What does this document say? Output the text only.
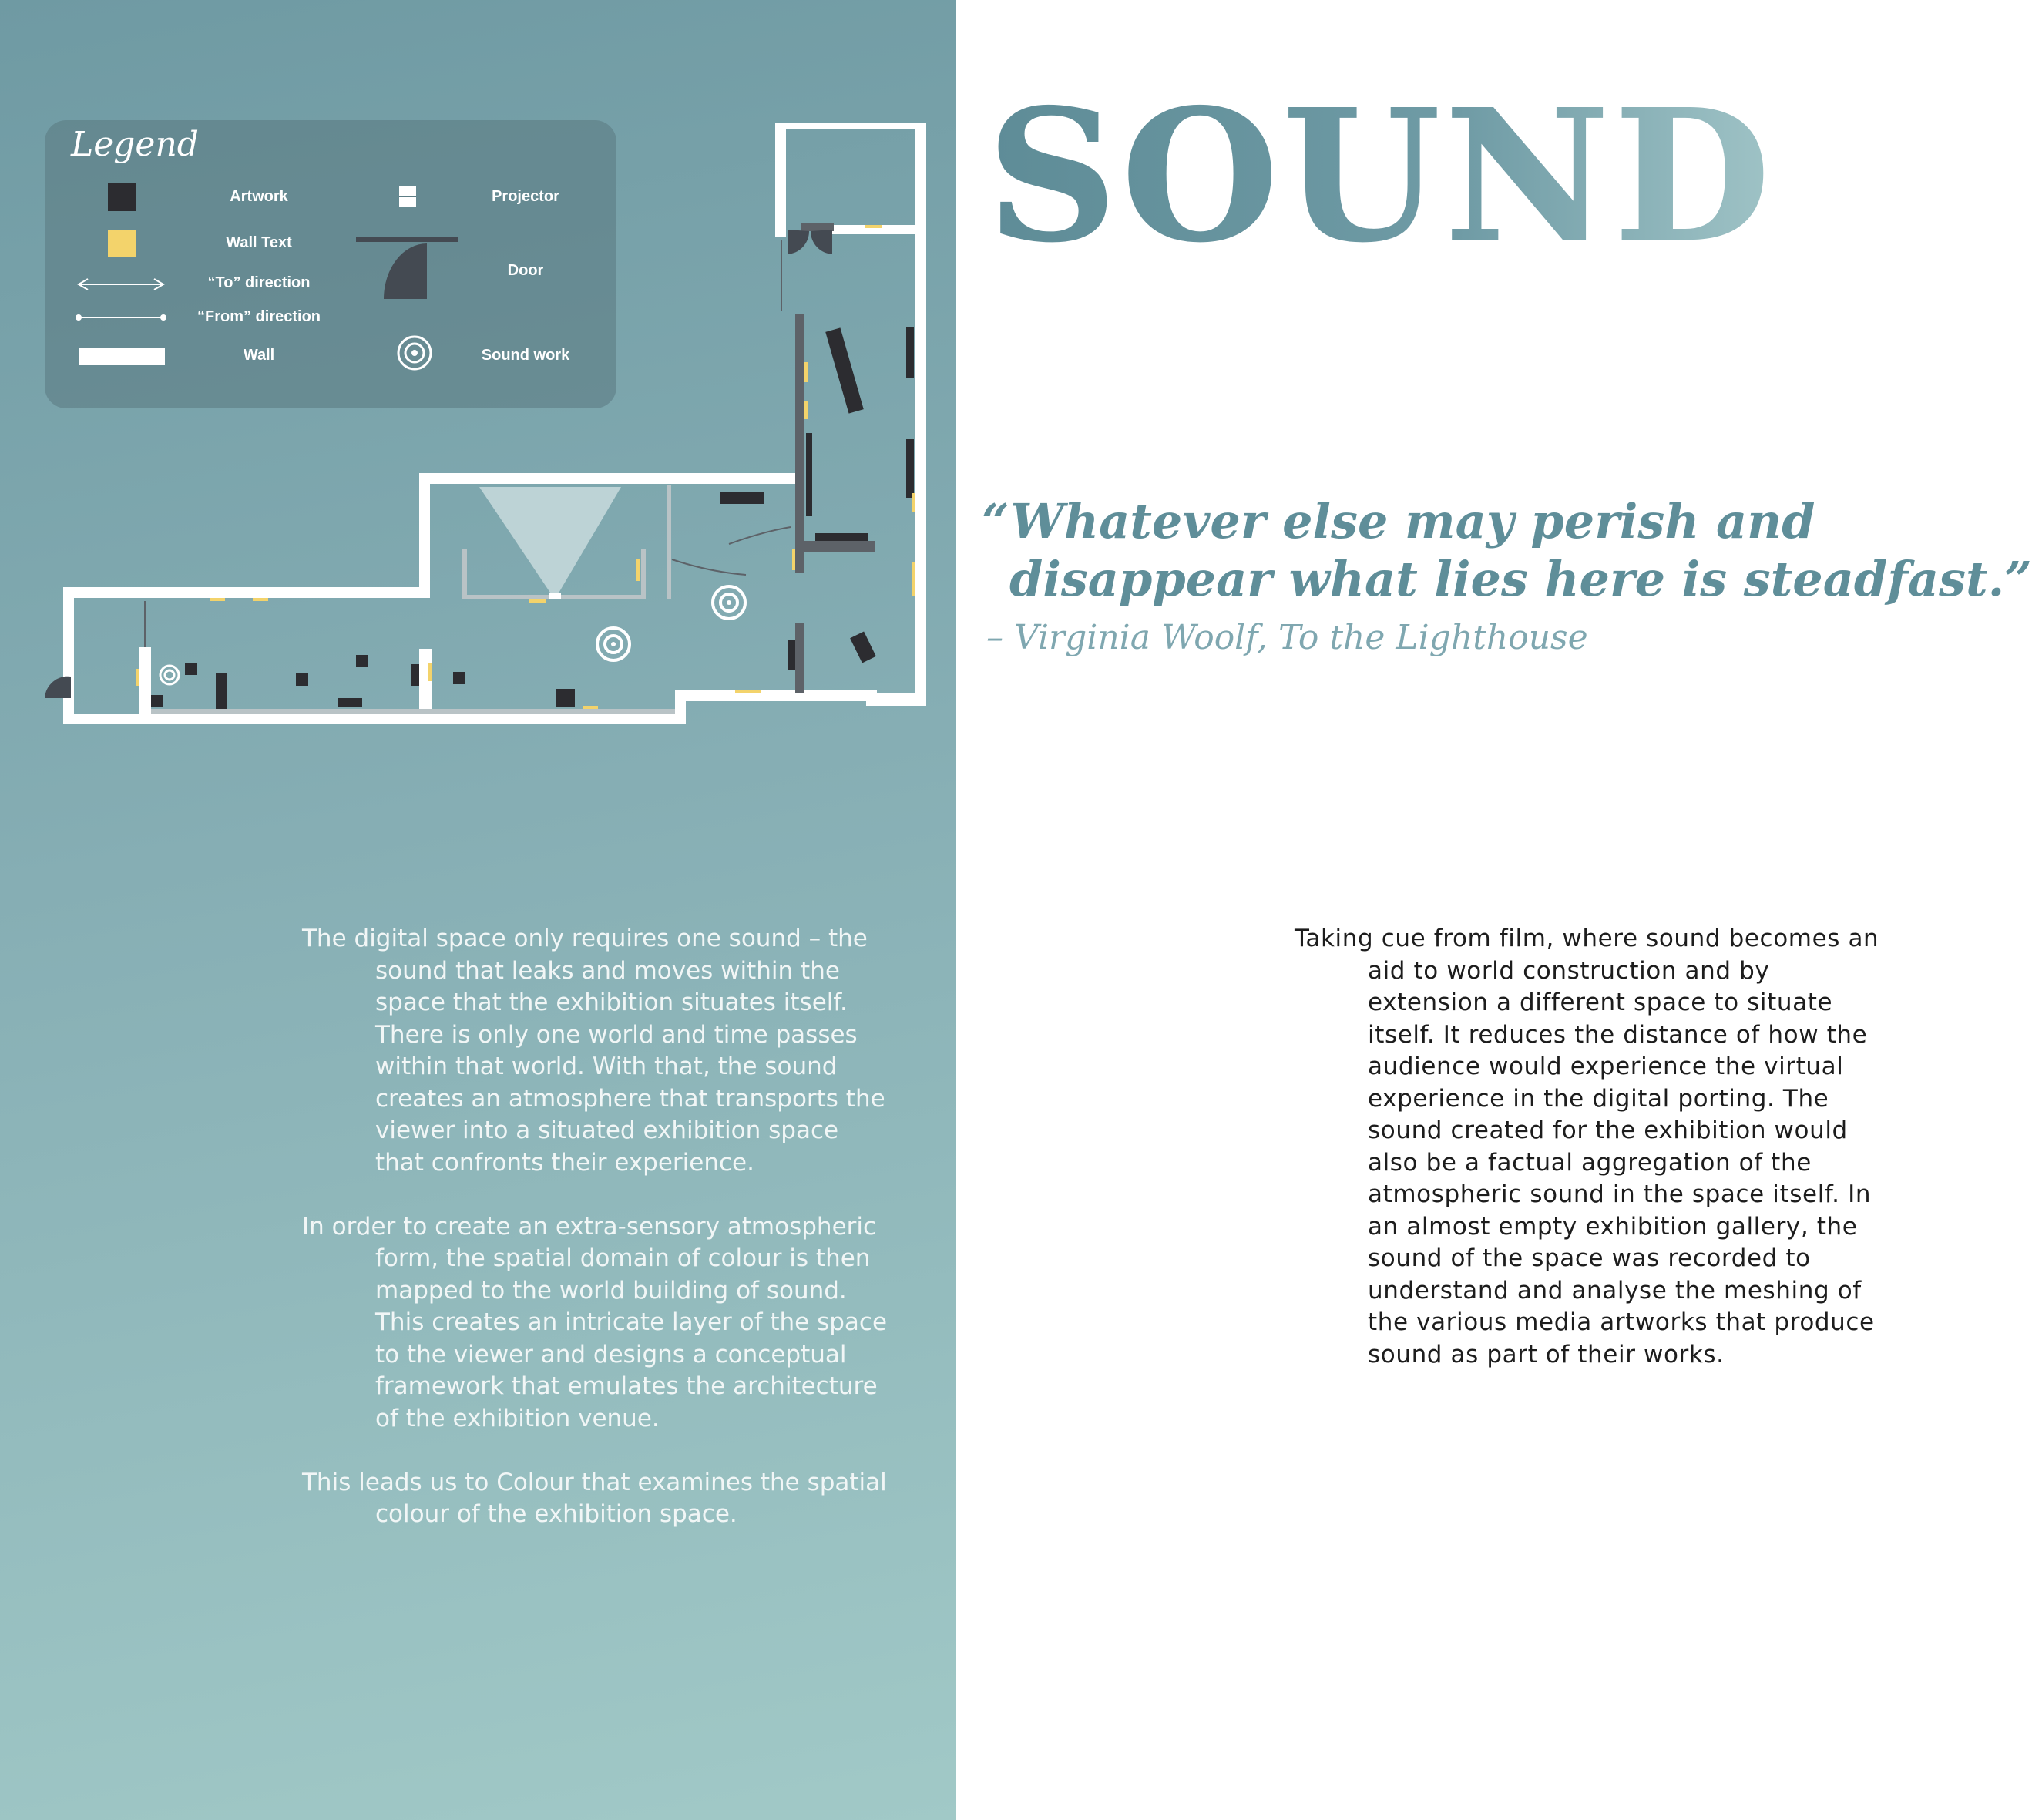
Legend
Artwork
Wall Text
“To” direction
“From” direction
Wall
Projector
Door
Sound work

The digital space only requires one sound – the sound that leaks and moves within the space that the exhibition situates itself. There is only one world and time passes within that world. With that, the sound creates an atmosphere that transports the viewer into a situated exhibition space that confronts their experience.

In order to create an extra-sensory atmospheric form, the spatial domain of colour is then mapped to the world building of sound. This creates an intricate layer of the space to the viewer and designs a conceptual framework that emulates the architecture of the exhibition venue.

This leads us to Colour that examines the spatial colour of the exhibition space.

SOUND
“Whatever else may perish and
disappear what lies here is steadfast.”
– Virginia Woolf, To the Lighthouse

Taking cue from film, where sound becomes an aid to world construction and by extension a different space to situate itself. It reduces the distance of how the audience would experience the virtual experience in the digital porting. The sound created for the exhibition would also be a factual aggregation of the atmospheric sound in the space itself. In an almost empty exhibition gallery, the sound of the space was recorded to understand and analyse the meshing of the various media artworks that produce sound as part of their works.
